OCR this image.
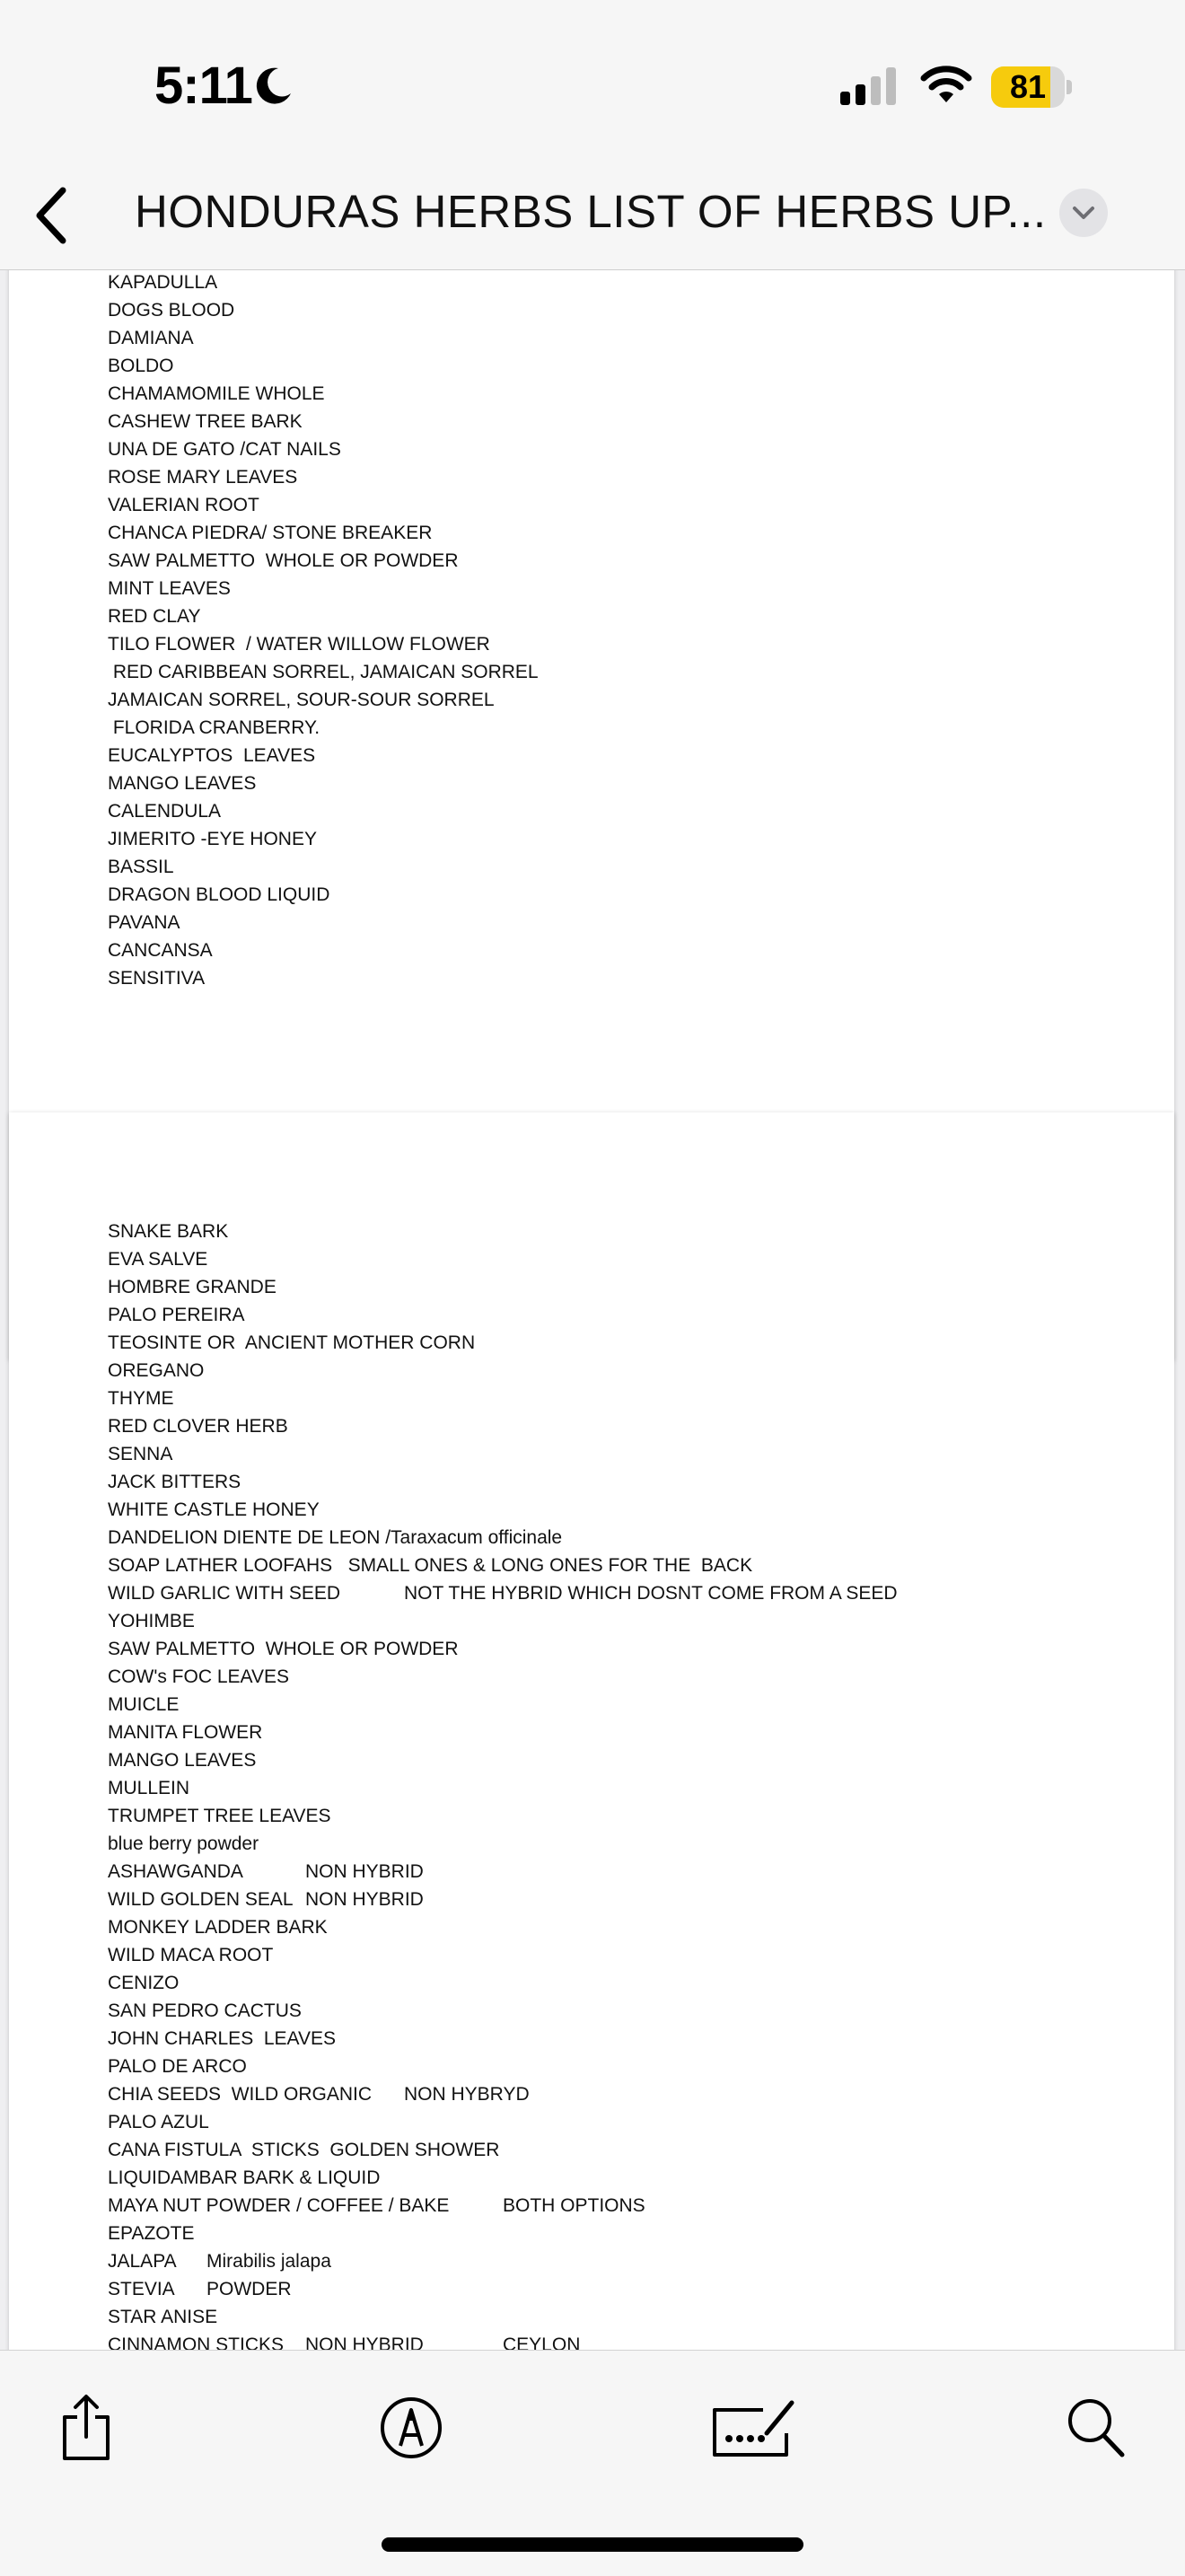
5:11	81
HONDURAS HERBS LIST OF HERBS UP...
KAPADULLA
DOGS BLOOD
DAMIANA
BOLDO
CHAMAMOMILE WHOLE
CASHEW TREE BARK
UNA DE GATO /CAT NAILS
ROSE MARY LEAVES
VALERIAN ROOT
CHANCA PIEDRA/ STONE BREAKER
SAW PALMETTO  WHOLE OR POWDER
MINT LEAVES
RED CLAY
TILO FLOWER  / WATER WILLOW FLOWER
RED CARIBBEAN SORREL, JAMAICAN SORREL
JAMAICAN SORREL, SOUR-SOUR SORREL
FLORIDA CRANBERRY.
EUCALYPTOS  LEAVES
MANGO LEAVES
CALENDULA
JIMERITO -EYE HONEY
BASSIL
DRAGON BLOOD LIQUID
PAVANA
CANCANSA
SENSITIVA
SNAKE BARK
EVA SALVE
HOMBRE GRANDE
PALO PEREIRA
TEOSINTE OR  ANCIENT MOTHER CORN
OREGANO
THYME
RED CLOVER HERB
SENNA
JACK BITTERS
WHITE CASTLE HONEY
DANDELION DIENTE DE LEON /Taraxacum officinale
SOAP LATHER LOOFAHS   SMALL ONES & LONG ONES FOR THE  BACK
WILD GARLIC WITH SEED	NOT THE HYBRID WHICH DOSNT COME FROM A SEED
YOHIMBE
SAW PALMETTO  WHOLE OR POWDER
COW's FOC LEAVES
MUICLE
MANITA FLOWER
MANGO LEAVES
MULLEIN
TRUMPET TREE LEAVES
blue berry powder
ASHAWGANDA	NON HYBRID
WILD GOLDEN SEAL NON HYBRID
MONKEY LADDER BARK
WILD MACA ROOT
CENIZO
SAN PEDRO CACTUS
JOHN CHARLES  LEAVES
PALO DE ARCO
CHIA SEEDS  WILD ORGANIC NON HYBRYD
PALO AZUL
CANA FISTULA  STICKS  GOLDEN SHOWER
LIQUIDAMBAR BARK & LIQUID
MAYA NUT POWDER / COFFEE / BAKE	BOTH OPTIONS
EPAZOTE
JALAPA Mirabilis jalapa
STEVIA POWDER
STAR ANISE
CINNAMON STICKS NON HYBRID	CEYLON
